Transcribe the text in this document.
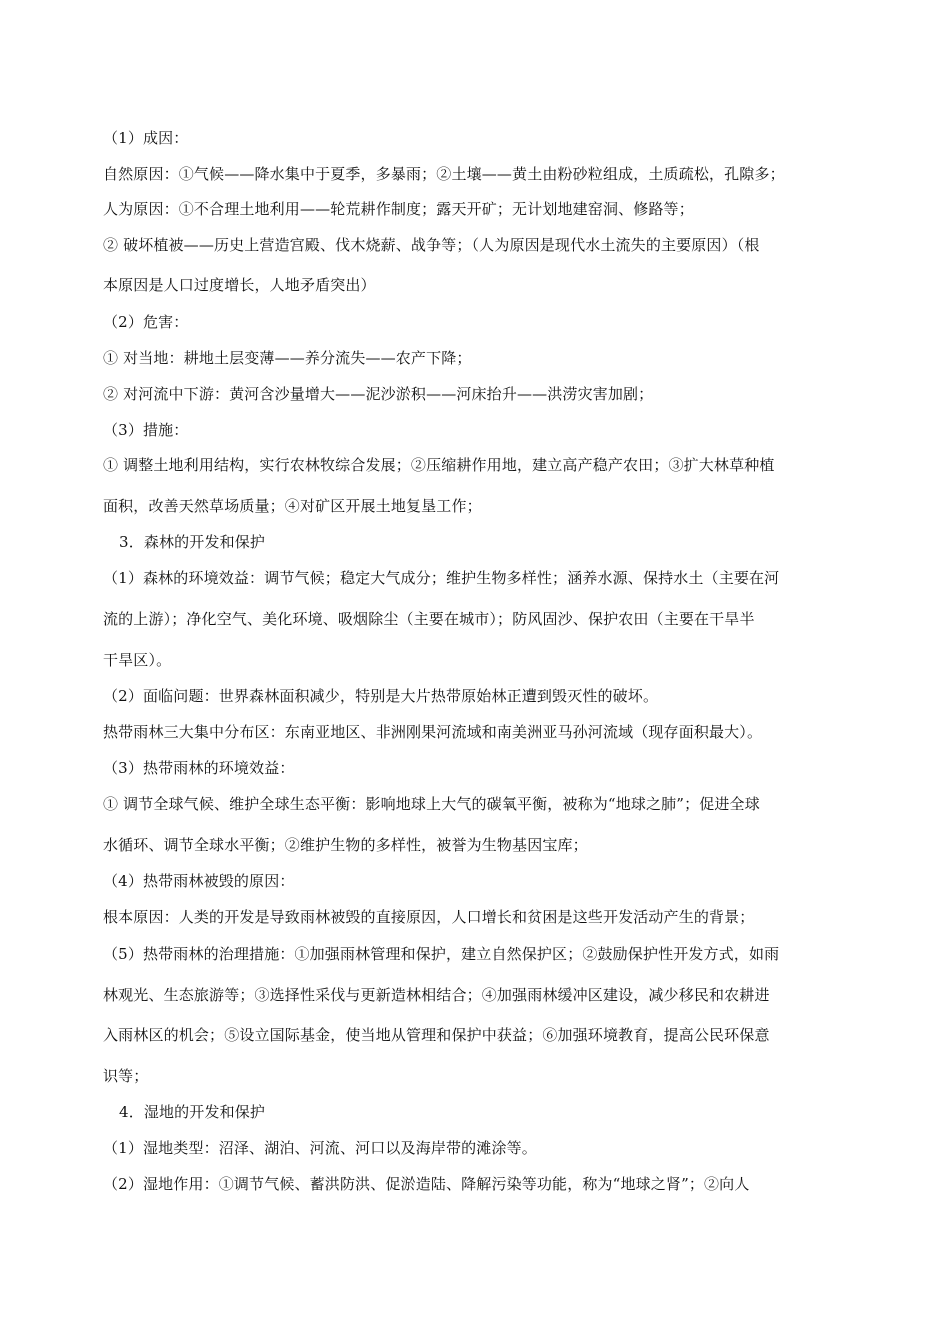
（1）成因：
自然原因：①气候——降水集中于夏季，多暴雨；②土壤——黄土由粉砂粒组成，土质疏松，孔隙多；
人为原因：①不合理土地利用——轮荒耕作制度；露天开矿；无计划地建窑洞、修路等；
② 破坏植被——历史上营造宫殿、伐木烧薪、战争等；（人为原因是现代水土流失的主要原因）（根
本原因是人口过度增长，人地矛盾突出）
（2）危害：
① 对当地：耕地土层变薄——养分流失——农产下降；
② 对河流中下游：黄河含沙量增大——泥沙淤积——河床抬升——洪涝灾害加剧；
（3）措施：
① 调整土地利用结构，实行农林牧综合发展；②压缩耕作用地，建立高产稳产农田；③扩大林草种植
面积，改善天然草场质量；④对矿区开展土地复垦工作；
3．森林的开发和保护
（1）森林的环境效益：调节气候；稳定大气成分；维护生物多样性；涵养水源、保持水土（主要在河
流的上游）；净化空气、美化环境、吸烟除尘（主要在城市）；防风固沙、保护农田（主要在干旱半
干旱区）。
（2）面临问题：世界森林面积减少，特别是大片热带原始林正遭到毁灭性的破坏。
热带雨林三大集中分布区：东南亚地区、非洲刚果河流域和南美洲亚马孙河流域（现存面积最大）。
（3）热带雨林的环境效益：
① 调节全球气候、维护全球生态平衡：影响地球上大气的碳氧平衡，被称为“地球之肺”；促进全球
水循环、调节全球水平衡；②维护生物的多样性，被誉为生物基因宝库；
（4）热带雨林被毁的原因：
根本原因：人类的开发是导致雨林被毁的直接原因，人口增长和贫困是这些开发活动产生的背景；
（5）热带雨林的治理措施：①加强雨林管理和保护，建立自然保护区；②鼓励保护性开发方式，如雨
林观光、生态旅游等；③选择性采伐与更新造林相结合；④加强雨林缓冲区建设，减少移民和农耕进
入雨林区的机会；⑤设立国际基金，使当地从管理和保护中获益；⑥加强环境教育，提高公民环保意
识等；
4．湿地的开发和保护
（1）湿地类型：沼泽、湖泊、河流、河口以及海岸带的滩涂等。
（2）湿地作用：①调节气候、蓄洪防洪、促淤造陆、降解污染等功能，称为“地球之肾”；②向人
